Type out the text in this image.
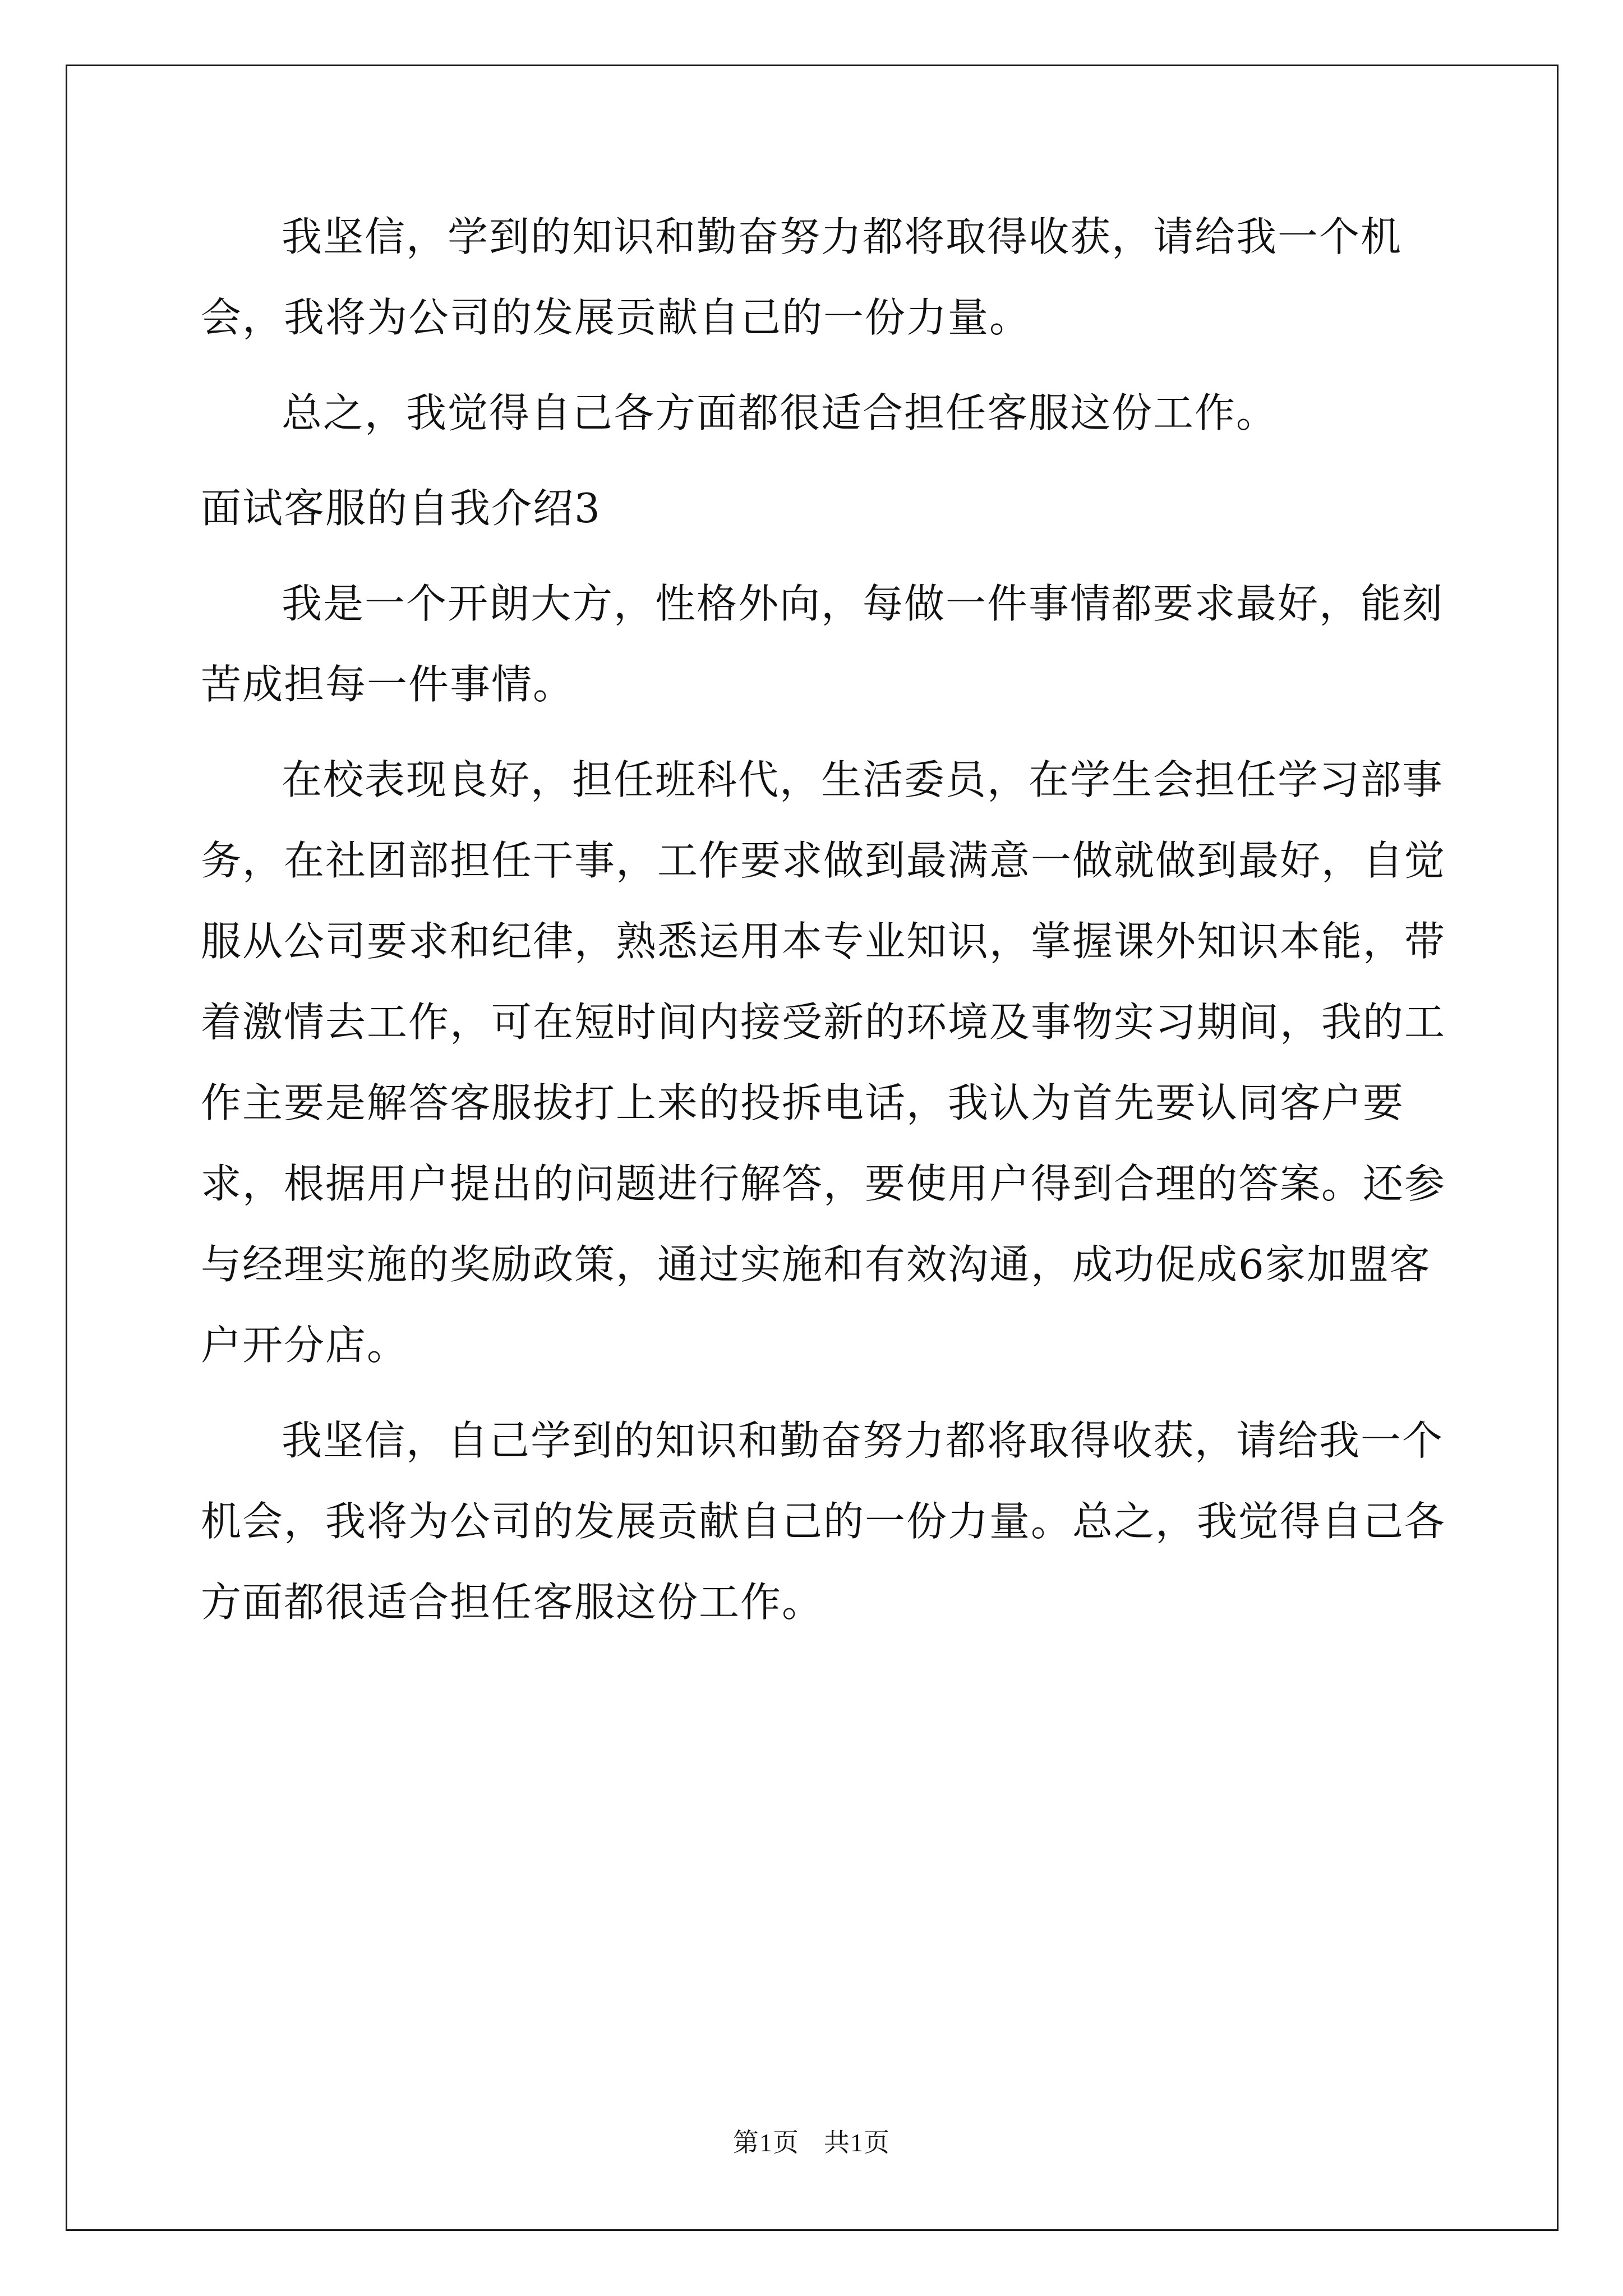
我坚信，学到的知识和勤奋努力都将取得收获，请给我一个机会，我将为公司的发展贡献自己的一份力量。

总之，我觉得自己各方面都很适合担任客服这份工作。

面试客服的自我介绍3

我是一个开朗大方，性格外向，每做一件事情都要求最好，能刻苦成担每一件事情。

在校表现良好，担任班科代，生活委员，在学生会担任学习部事务，在社团部担任干事，工作要求做到最满意一做就做到最好，自觉服从公司要求和纪律，熟悉运用本专业知识，掌握课外知识本能，带着激情去工作，可在短时间内接受新的环境及事物实习期间，我的工作主要是解答客服拔打上来的投拆电话，我认为首先要认同客户要求，根据用户提出的问题进行解答，要使用户得到合理的答案。还参与经理实施的奖励政策，通过实施和有效沟通，成功促成6家加盟客户开分店。

我坚信，自己学到的知识和勤奋努力都将取得收获，请给我一个机会，我将为公司的发展贡献自己的一份力量。总之，我觉得自己各方面都很适合担任客服这份工作。

第1页 共1页
